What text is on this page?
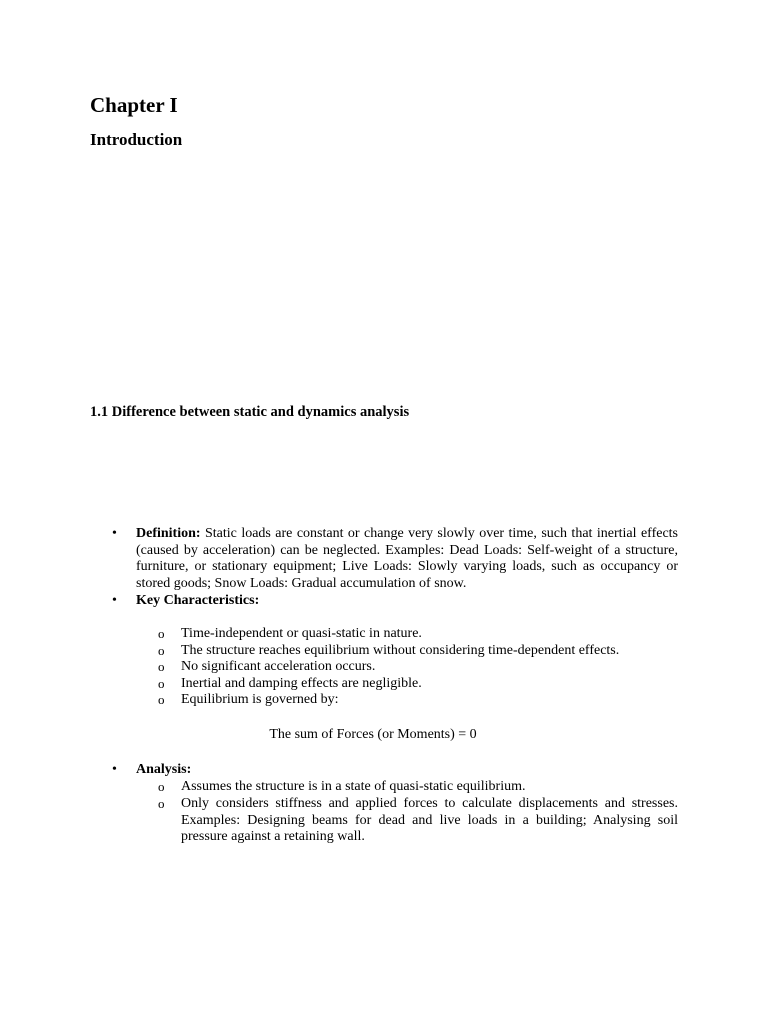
Chapter I
Introduction
1.1 Difference between static and dynamics analysis
• Definition: Static loads are constant or change very slowly over time, such that inertial effects (caused by acceleration) can be neglected. Examples: Dead Loads: Self-weight of a structure, furniture, or stationary equipment; Live Loads: Slowly varying loads, such as occupancy or stored goods; Snow Loads: Gradual accumulation of snow.
• Key Characteristics:
o Time-independent or quasi-static in nature.
o The structure reaches equilibrium without considering time-dependent effects.
o No significant acceleration occurs.
o Inertial and damping effects are negligible.
o Equilibrium is governed by:
The sum of Forces (or Moments) = 0
• Analysis:
o Assumes the structure is in a state of quasi-static equilibrium.
o Only considers stiffness and applied forces to calculate displacements and stresses. Examples: Designing beams for dead and live loads in a building; Analysing soil pressure against a retaining wall.
